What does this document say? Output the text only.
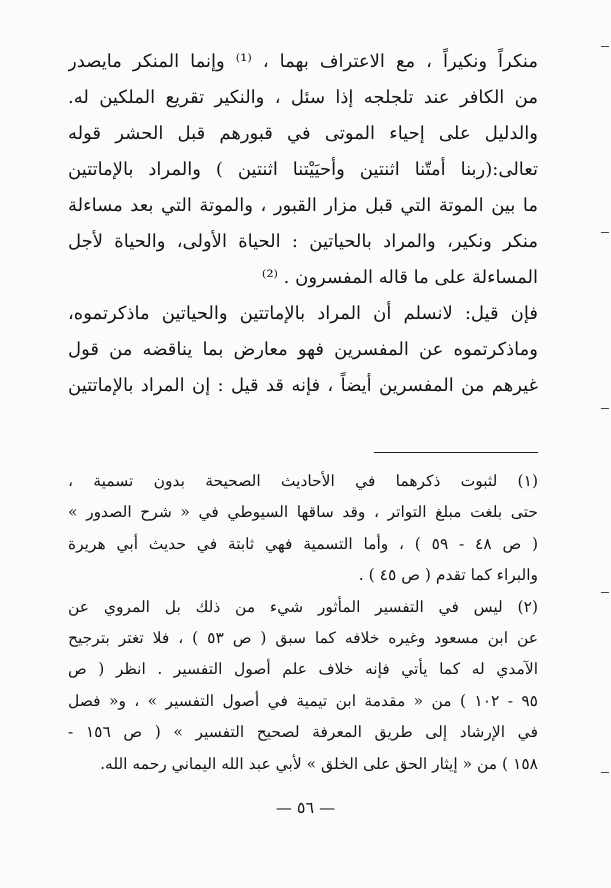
منكراً ونكيراً ، مع الاعتراف بهما ، ⁽¹⁾ وإنما المنكر مايصدر
من الكافر عند تلجلجه إذا سئل ، والنكير تقريع الملكين له.
والدليل على إحياء الموتى في قبورهم قبل الحشر قوله
تعالى:(ربنا أمتّنا اثنتين وأحيَيْتنا اثنتين ) والمراد بالإماتتين
ما بين الموتة التي قبل مزار القبور ، والموتة التي بعد مساءلة
منكر ونكير، والمراد بالحياتين : الحياة الأولى، والحياة لأجل
المساءلة على ما قاله المفسرون . ⁽²⁾
فإن قيل: لانسلم أن المراد بالإماتتين والحياتين ماذكرتموه،
وماذكرتموه عن المفسرين فهو معارض بما يناقضه من قول
غيرهم من المفسرين أيضاً ، فإنه قد قيل : إن المراد بالإماتتين
(١) لثبوت ذكرهما في الأحاديث الصحيحة بدون تسمية ،
حتى بلغت مبلغ التواتر ، وقد ساقها السيوطي في « شرح الصدور »
( ص ٤٨ - ٥٩ ) ، وأما التسمية فهي ثابتة في حديث أبي هريرة
والبراء كما تقدم ( ص ٤٥ ) .
(٢) ليس في التفسير المأثور شيء من ذلك بل المروي عن
عن ابن مسعود وغيره خلافه كما سبق ( ص ٥٣ ) ، فلا تغتر بترجيح
الآمدي له كما يأتي فإنه خلاف علم أصول التفسير . انظر ( ص
٩٥ - ١٠٢ ) من « مقدمة ابن تيمية في أصول التفسير » ، و« فصل
في الإرشاد إلى طريق المعرفة لصحيح التفسير » ( ص ١٥٦ -
١٥٨ ) من « إيثار الحق على الخلق » لأبي عبد الله اليماني رحمه الله.
— ٥٦ —
